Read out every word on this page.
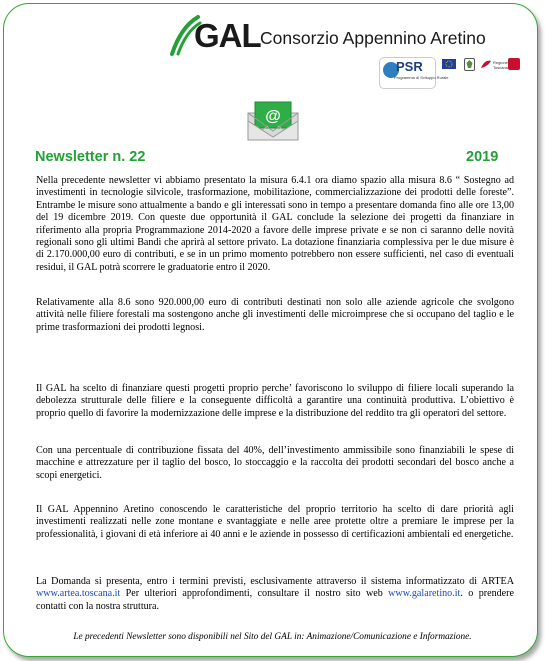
GAL Consorzio Appennino Aretino
PSR
Programma di Sviluppo Rurale
Regione Toscana
@
Newsletter n. 22	2019

Nella precedente newsletter vi abbiamo presentato la misura 6.4.1 ora diamo spazio alla misura 8.6 “ Sostegno ad investimenti in tecnologie silvicole, trasformazione, mobilitazione, commercializzazione dei prodotti delle foreste”. Entrambe le misure sono attualmente a bando e gli interessati sono in tempo a presentare domanda fino alle ore 13,00 del 19 dicembre 2019. Con queste due opportunità il GAL conclude la selezione dei progetti da finanziare in riferimento alla propria Programmazione 2014-2020 a favore delle imprese private e se non ci saranno delle novità regionali sono gli ultimi Bandi che aprirà al settore privato. La dotazione finanziaria complessiva per le due misure è di 2.170.000,00 euro di contributi, e se in un primo momento potrebbero non essere sufficienti, nel caso di eventuali residui, il GAL potrà scorrere le graduatorie entro il 2020.

Relativamente alla 8.6 sono 920.000,00 euro di contributi destinati non solo alle aziende agricole che svolgono attività nelle filiere forestali ma sostengono anche gli investimenti delle microimprese che si occupano del taglio e le prime trasformazioni dei prodotti legnosi.

Il GAL ha scelto di finanziare questi progetti proprio perche’ favoriscono lo sviluppo di filiere locali superando la debolezza strutturale delle filiere e la conseguente difficoltà a garantire una continuità produttiva. L’obiettivo è proprio quello di favorire la modernizzazione delle imprese e la distribuzione del reddito tra gli operatori del settore.

Con una percentuale di contribuzione fissata del 40%, dell’investimento ammissibile sono finanziabili le spese di macchine e attrezzature per il taglio del bosco, lo stoccaggio e la raccolta dei prodotti secondari del bosco anche a scopi energetici.

Il GAL Appennino Aretino conoscendo le caratteristiche del proprio territorio ha scelto di dare priorità agli investimenti realizzati nelle zone montane e svantaggiate e nelle aree protette oltre a premiare le imprese per la professionalità, i giovani di età inferiore ai 40 anni e le aziende in possesso di certificazioni ambientali ed energetiche.

La Domanda si presenta, entro i termini previsti, esclusivamente attraverso il sistema informatizzato di ARTEA www.artea.toscana.it Per ulteriori approfondimenti, consultare il nostro sito web www.galaretino.it. o prendere contatti con la nostra struttura.

Le precedenti Newsletter sono disponibili nel Sito del GAL in: Animazione/Comunicazione e Informazione.
